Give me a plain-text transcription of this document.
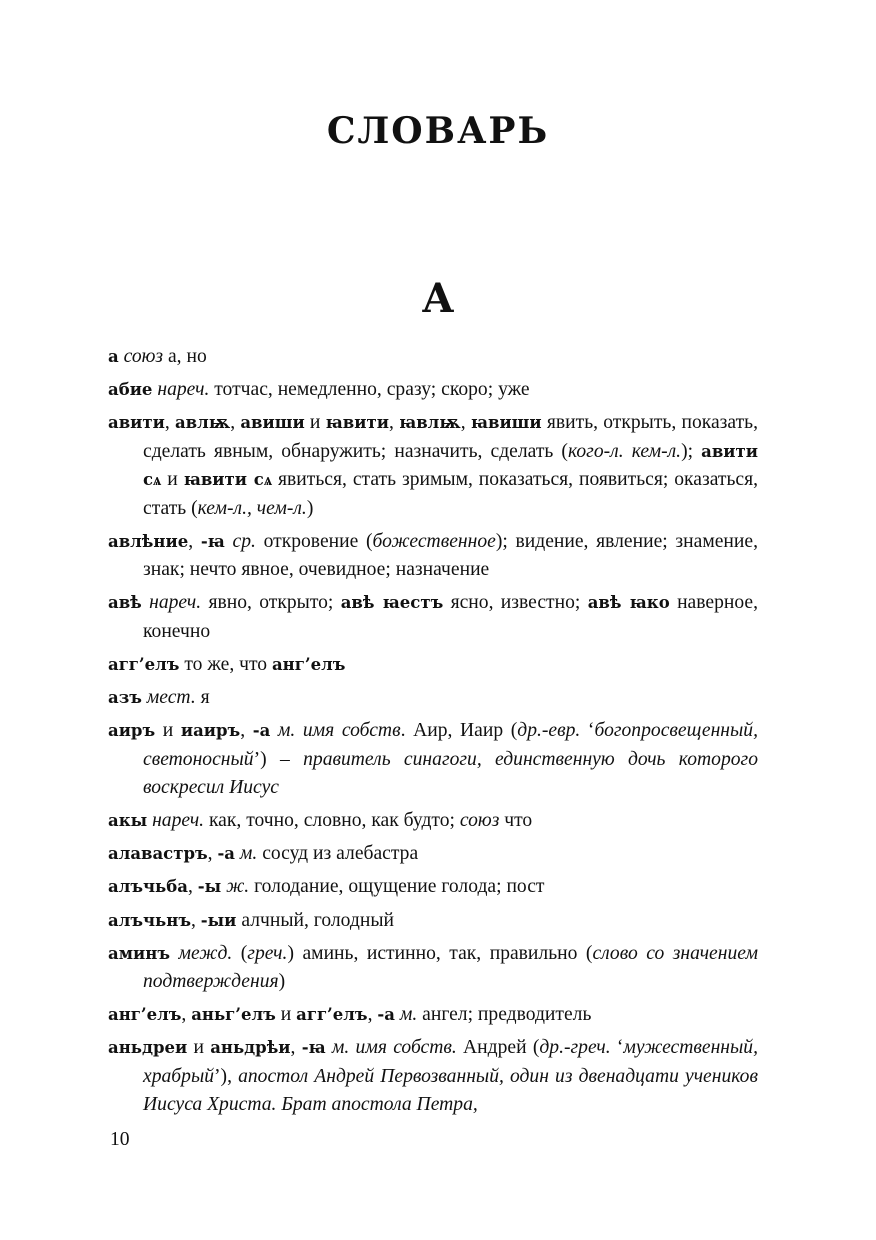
СЛОВАРЬ
А

а союз а, но

абие нареч. тотчас, немедленно, сразу; скоро; уже

авити, авлѭ, авиши и ꙗвити, ꙗвлѭ, ꙗвиши явить, открыть, показать, сделать явным, обнаружить; назначить, сделать (кого-л. кем-л.); авити сѧ и ꙗвити сѧ явиться, стать зримым, показаться, появиться; оказаться, стать (кем-л., чем-л.)

авлѣние, -ꙗ ср. откровение (божественное); видение, явление; знамение, знак; нечто явное, очевидное; назначение

авѣ нареч. явно, открыто; авѣ ꙗестъ ясно, известно; авѣ ꙗко наверное, конечно

агг’елъ то же, что анг’елъ

азъ мест. я

аиръ и иаиръ, -а м. имя собств. Аир, Иаир (др.-евр. ‘богопросвещенный, светоносный’) – правитель синагоги, единственную дочь которого воскресил Иисус

акы нареч. как, точно, словно, как будто; союз что

алавастръ, -а м. сосуд из алебастра

алъчьба, -ы ж. голодание, ощущение голода; пост

алъчьнъ, -ыи алчный, голодный

аминъ межд. (греч.) аминь, истинно, так, правильно (слово со значением подтверждения)

анг’елъ, аньг’елъ и агг’елъ, -а м. ангел; предводитель

аньдреи и аньдрѣи, -ꙗ м. имя собств. Андрей (др.-греч. ‘мужественный, храбрый’), апостол Андрей Первозванный, один из двенадцати учеников Иисуса Христа. Брат апостола Петра,

10
